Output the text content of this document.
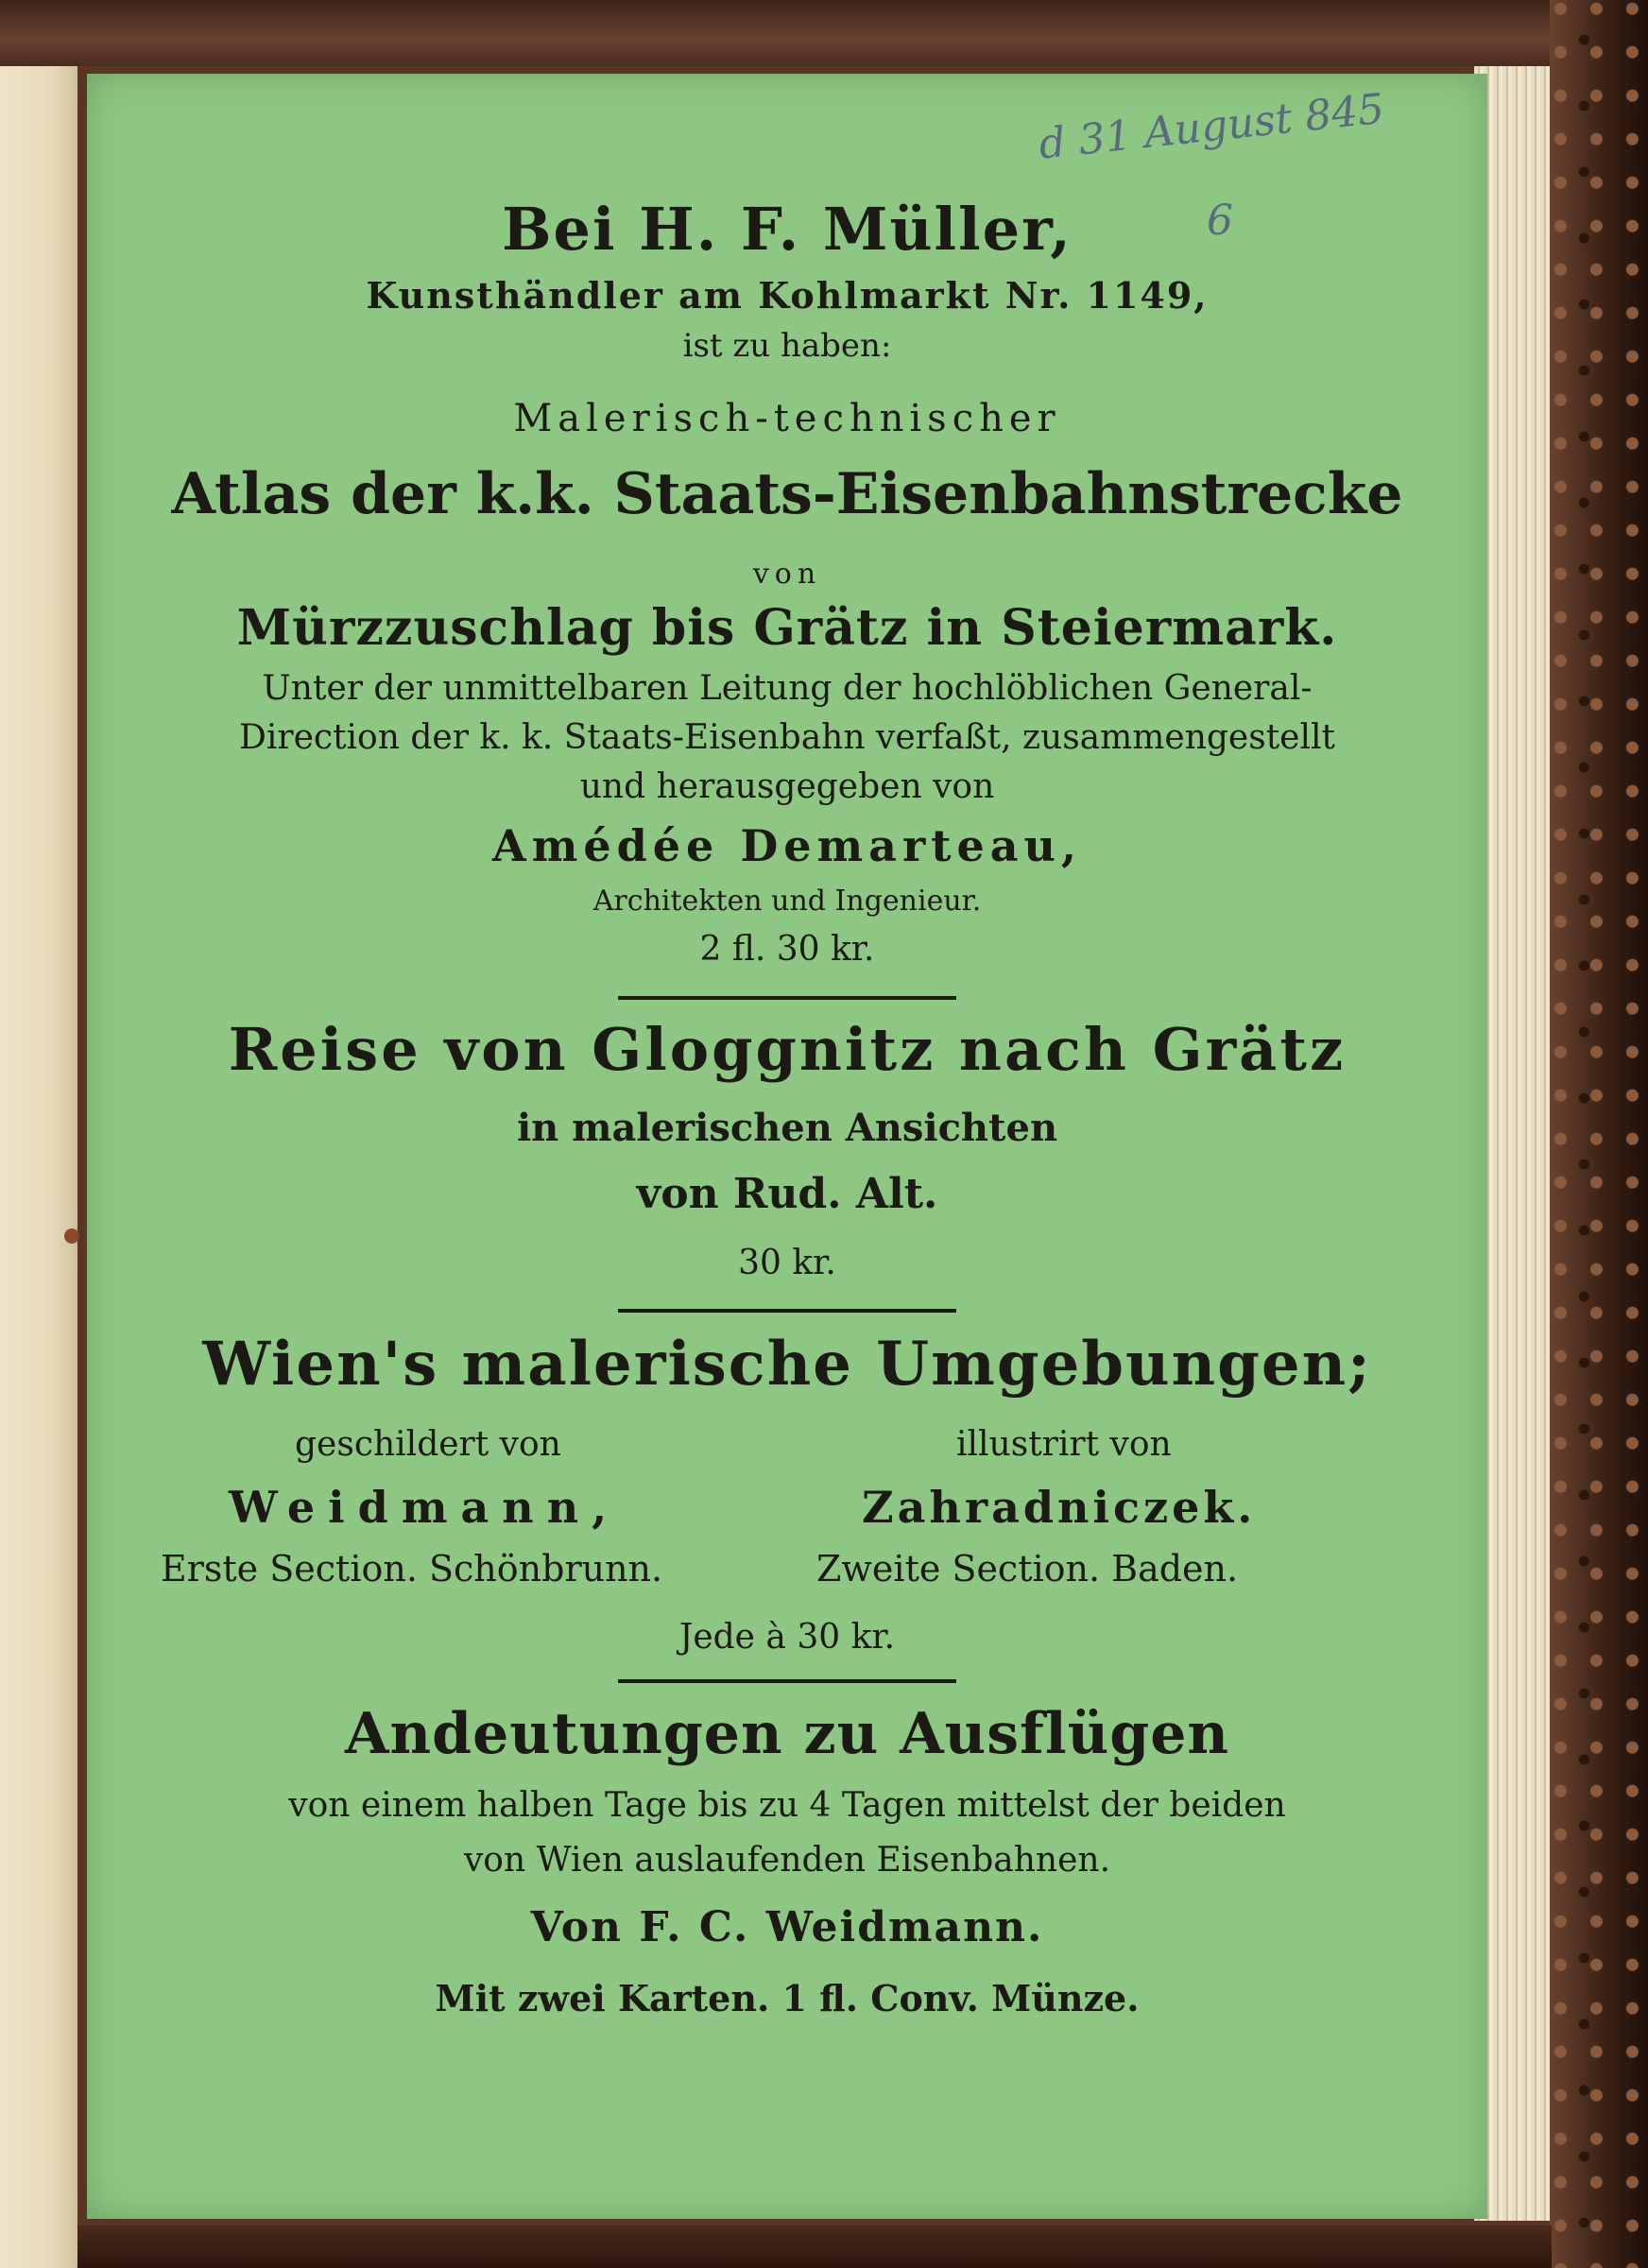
d 31 August 845
6

Bei H. F. Müller,

Kunsthändler am Kohlmarkt Nr. 1149,

ist zu haben:

Malerisch-technischer

Atlas der k.k. Staats-Eisenbahnstrecke

von

Mürzzuschlag bis Grätz in Steiermark.

Unter der unmittelbaren Leitung der hochlöblichen General-

Direction der k. k. Staats-Eisenbahn verfaßt, zusammengestellt

und herausgegeben von

Amédée Demarteau,

Architekten und Ingenieur.

2 fl. 30 kr.

Reise von Gloggnitz nach Grätz

in malerischen Ansichten

von Rud. Alt.

30 kr.

Wien's malerische Umgebungen;

geschildert von	illustrirt von

Weidmann,	Zahradniczek.

Erste Section. Schönbrunn.	Zweite Section. Baden.

Jede à 30 kr.

Andeutungen zu Ausflügen

von einem halben Tage bis zu 4 Tagen mittelst der beiden

von Wien auslaufenden Eisenbahnen.

Von F. C. Weidmann.

Mit zwei Karten. 1 fl. Conv. Münze.
